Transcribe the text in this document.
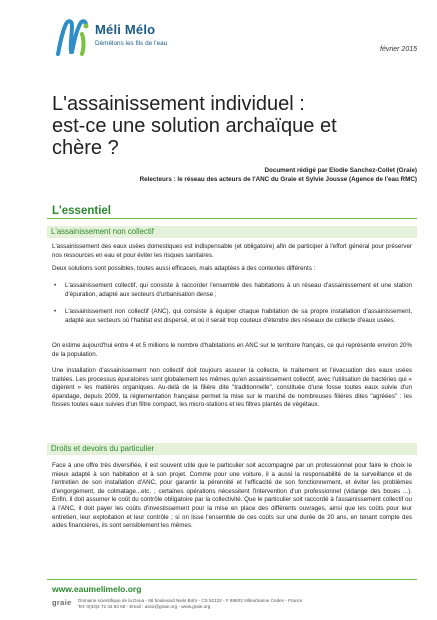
Méli Mélo
Démêlons les fils de l'eau
février 2015
L'assainissement individuel :
est-ce une solution archaïque et
chère ?
Document rédigé par Elodie Sanchez-Collet (Graie)
Relecteurs : le réseau des acteurs de l'ANC du Graie et Sylvie Jousse (Agence de l'eau RMC)
L'essentiel
L'assainissement non collectif
L'assainissement des eaux usées domestiques est indispensable (et obligatoire) afin de participer à l'effort général pour préserver nos ressources en eau et pour éviter les risques sanitaires.
Deux solutions sont possibles, toutes aussi efficaces, mais adaptées à des contextes différents :
• L'assainissement collectif, qui consiste à raccorder l'ensemble des habitations à un réseau d'assainissement et une station d'épuration, adapté aux secteurs d'urbanisation dense ;
• L'assainissement non collectif (ANC), qui consiste à équiper chaque habitation de sa propre installation d'assainissement, adapté aux secteurs où l'habitat est dispersé, et où il serait trop couteux d'étendre des réseaux de collecte d'eaux usées.
On estime aujourd'hui entre 4 et 5 millions le nombre d'habitations en ANC sur le territoire français, ce qui représente environ 20% de la population.
Une installation d'assainissement non collectif doit toujours assurer la collecte, le traitement et l'évacuation des eaux usées traitées. Les processus épuratoires sont globalement les mêmes qu'en assainissement collectif, avec l'utilisation de bactéries qui « digèrent » les matières organiques. Au-delà de la filière dite "traditionnelle", constituée d'une fosse toutes eaux suivie d'un épandage, depuis 2009, la réglementation française permet la mise sur le marché de nombreuses filières dites "agréées" : les fosses toutes eaux suivies d'un filtre compact, les micro-stations et les filtres plantés de végétaux.
Droits et devoirs du particulier
Face à une offre très diversifiée, il est souvent utile que le particulier soit accompagné par un professionnel pour faire le choix le mieux adapté à son habitation et à son projet. Comme pour une voiture, il a aussi la responsabilité de la surveillance et de l'entretien de son installation d'ANC, pour garantir la pérennité et l'efficacité de son fonctionnement, et éviter les problèmes d'engorgement, de colmatage...etc. ; certaines opérations nécessitent l'intervention d'un professionnel (vidange des boues ...). Enfin, il doit assumer le coût du contrôle obligatoire par la collectivité. Que le particulier soit raccordé à l'assainissement collectif ou à l'ANC, il doit payer les coûts d'investissement pour la mise en place des différents ouvrages, ainsi que les coûts pour leur entretien, leur exploitation et leur contrôle ; si on lisse l'ensemble de ces coûts sur une durée de 20 ans, en tenant compte des aides financières, ils sont sensiblement les mêmes.
www.eaumelimelo.org
graie Domaine scientifique de la Doua - 66 boulevard Niels Bohr - CS 52132 - F 69603 Villeurbanne Cedex - France
Tel: 0(33)4 72 43 83 68 - Email : asso@graie.org - www.graie.org
